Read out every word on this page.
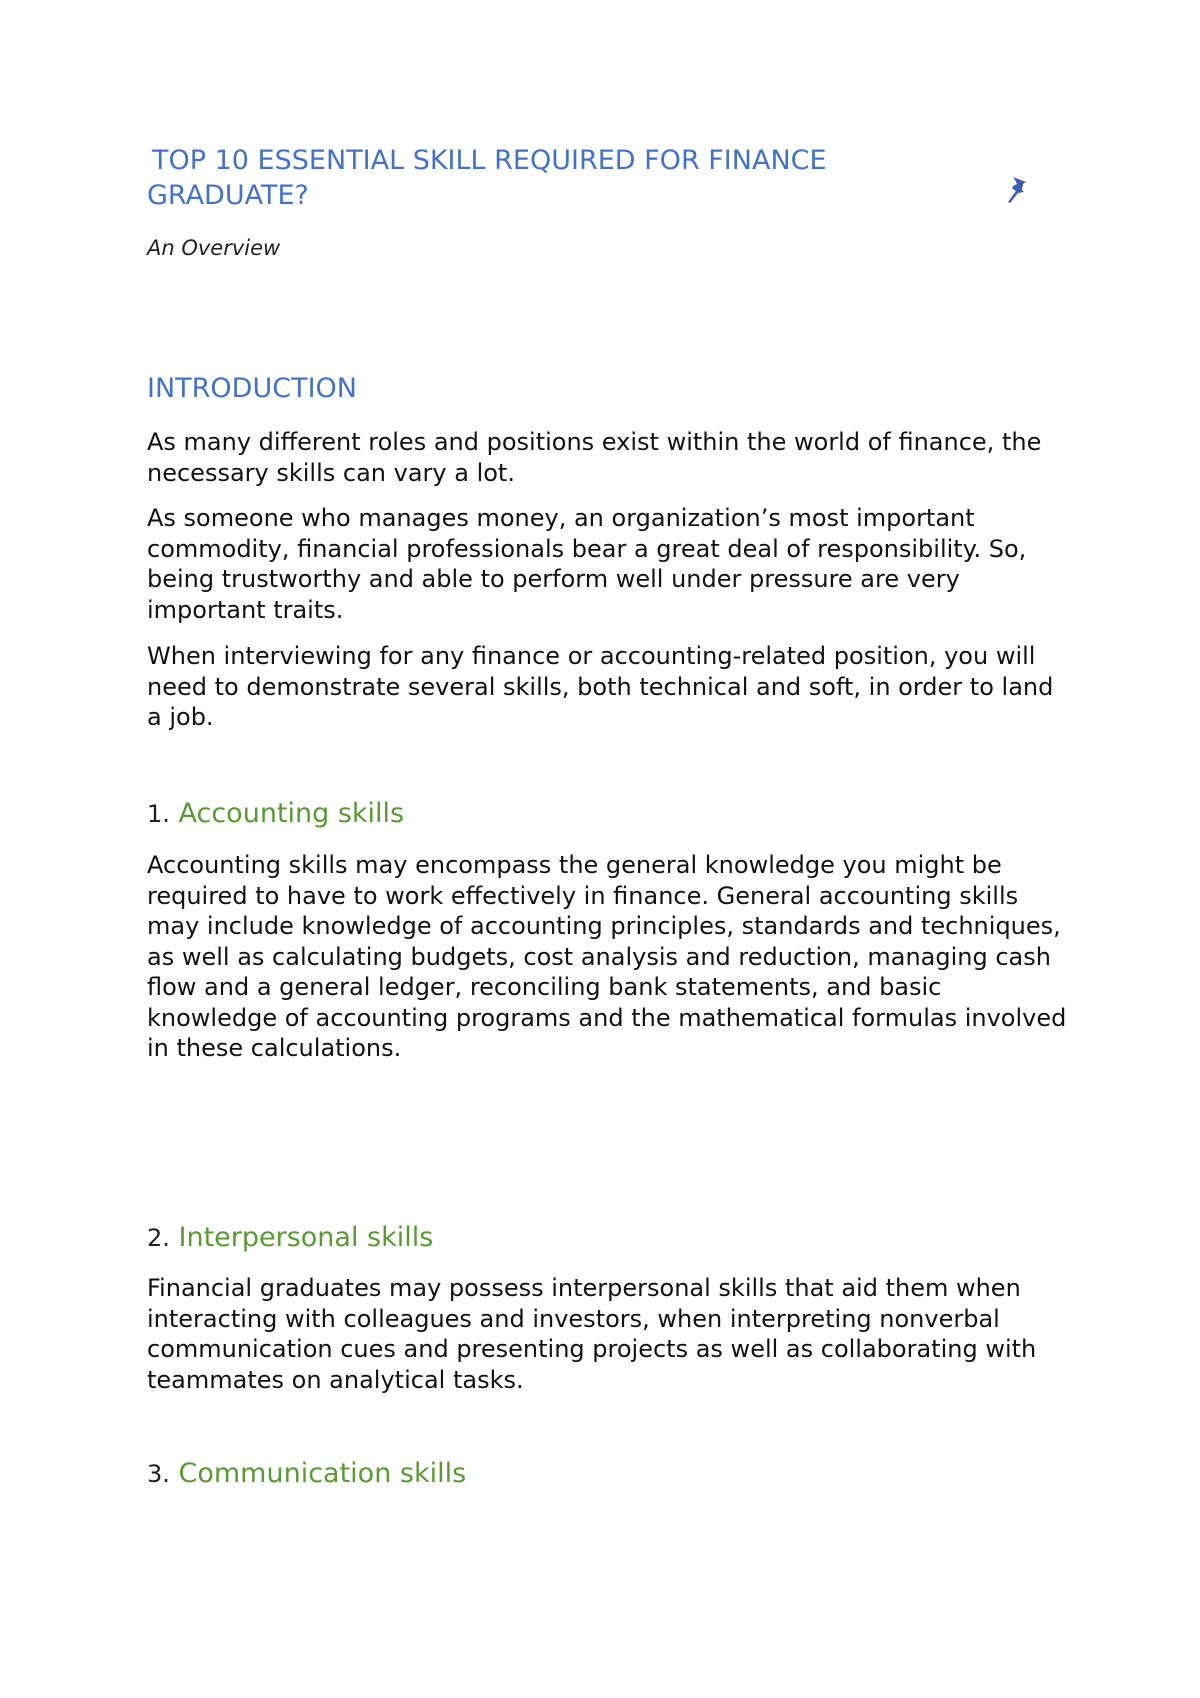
TOP 10 ESSENTIAL SKILL REQUIRED FOR FINANCE GRADUATE?

An Overview

INTRODUCTION

As many different roles and positions exist within the world of finance, the necessary skills can vary a lot.

As someone who manages money, an organization’s most important commodity, financial professionals bear a great deal of responsibility. So, being trustworthy and able to perform well under pressure are very important traits.

When interviewing for any finance or accounting-related position, you will need to demonstrate several skills, both technical and soft, in order to land a job.

1. Accounting skills

Accounting skills may encompass the general knowledge you might be required to have to work effectively in finance. General accounting skills may include knowledge of accounting principles, standards and techniques, as well as calculating budgets, cost analysis and reduction, managing cash flow and a general ledger, reconciling bank statements, and basic knowledge of accounting programs and the mathematical formulas involved in these calculations.

2. Interpersonal skills

Financial graduates may possess interpersonal skills that aid them when interacting with colleagues and investors, when interpreting nonverbal communication cues and presenting projects as well as collaborating with teammates on analytical tasks.

3. Communication skills
